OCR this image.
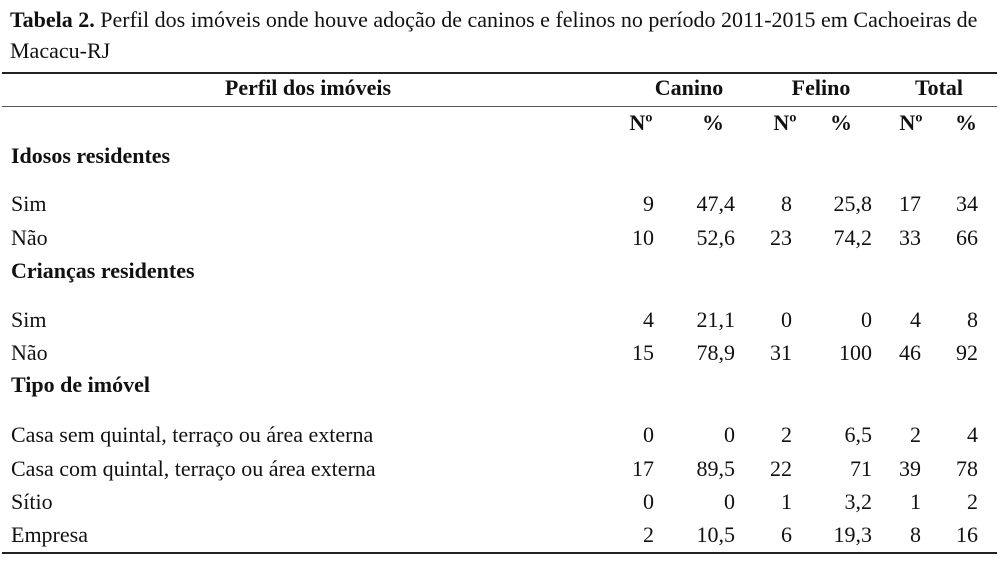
Tabela 2. Perfil dos imóveis onde houve adoção de caninos e felinos no período 2011-2015 em Cachoeiras de Macacu-RJ
Perfil dos imóveis	Canino	Felino	Total
Nº % Nº % Nº %
Idosos residentes
Sim	9 47,4 8 25,8 17 34
Não	10 52,6 23 74,2 33 66
Crianças residentes
Sim	4 21,1 0	0 4 8
Não	15 78,9 31 100 46 92
Tipo de imóvel
Casa sem quintal, terraço ou área externa	0	0 2 6,5 2 4
Casa com quintal, terraço ou área externa	17 89,5 22	71 39 78
Sítio	0	0 1 3,2 1 2
Empresa	2 10,5 6 19,3 8 16
